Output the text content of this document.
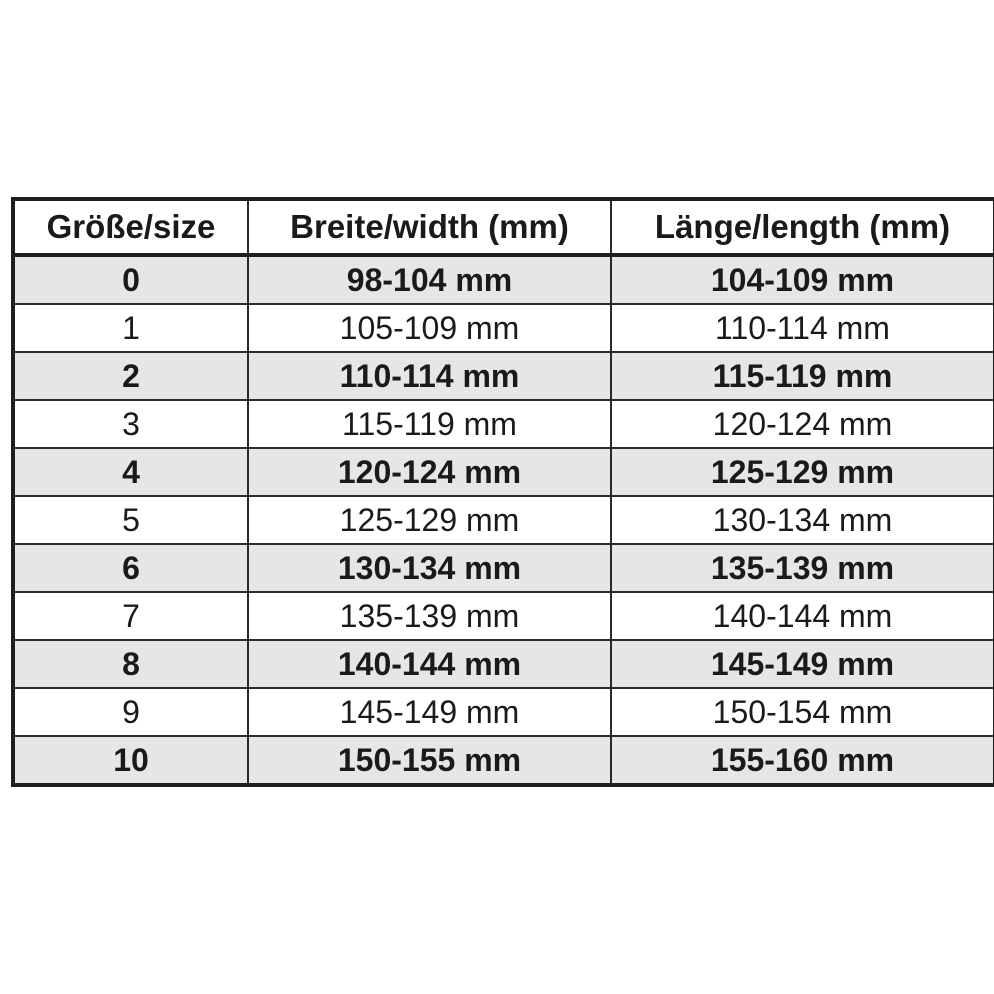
Größe/size	Breite/width (mm)	Länge/length (mm)
0	98-104 mm	104-109 mm
1	105-109 mm	110-114 mm
2	110-114 mm	115-119 mm
3	115-119 mm	120-124 mm
4	120-124 mm	125-129 mm
5	125-129 mm	130-134 mm
6	130-134 mm	135-139 mm
7	135-139 mm	140-144 mm
8	140-144 mm	145-149 mm
9	145-149 mm	150-154 mm
10	150-155 mm	155-160 mm
